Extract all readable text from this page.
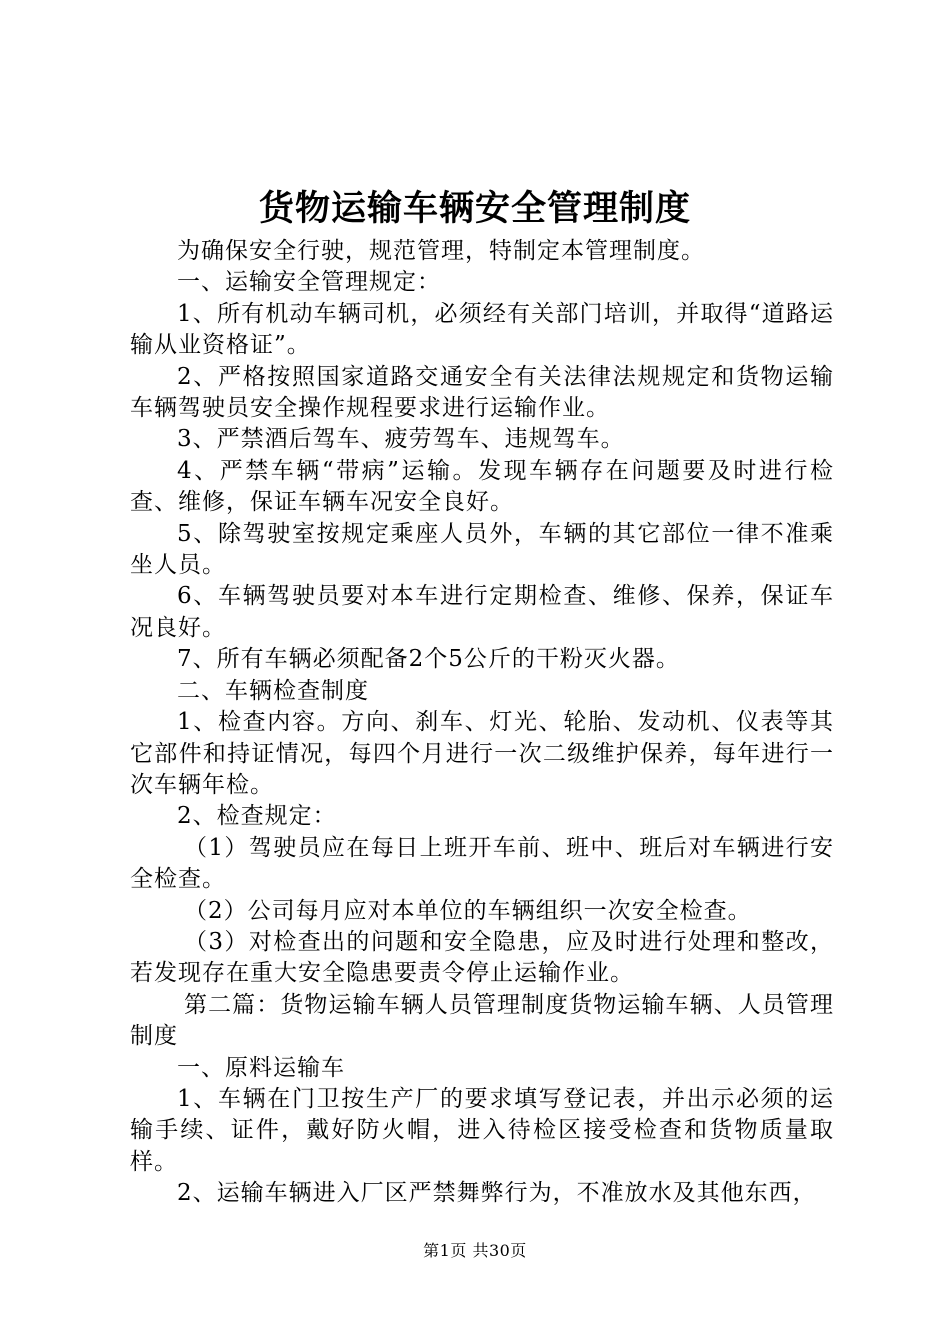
货物运输车辆安全管理制度

为确保安全行驶，规范管理，特制定本管理制度。

一、运输安全管理规定：

1、所有机动车辆司机，必须经有关部门培训，并取得“道路运输从业资格证”。

2、严格按照国家道路交通安全有关法律法规规定和货物运输车辆驾驶员安全操作规程要求进行运输作业。

3、严禁酒后驾车、疲劳驾车、违规驾车。

4、严禁车辆“带病”运输。发现车辆存在问题要及时进行检查、维修，保证车辆车况安全良好。

5、除驾驶室按规定乘座人员外，车辆的其它部位一律不准乘坐人员。

6、车辆驾驶员要对本车进行定期检查、维修、保养，保证车况良好。

7、所有车辆必须配备2个5公斤的干粉灭火器。

二、车辆检查制度

1、检查内容。方向、刹车、灯光、轮胎、发动机、仪表等其它部件和持证情况，每四个月进行一次二级维护保养，每年进行一次车辆年检。

2、检查规定：

（1）驾驶员应在每日上班开车前、班中、班后对车辆进行安全检查。

（2）公司每月应对本单位的车辆组织一次安全检查。

（3）对检查出的问题和安全隐患，应及时进行处理和整改，若发现存在重大安全隐患要责令停止运输作业。

第二篇：货物运输车辆人员管理制度货物运输车辆、人员管理制度

一、原料运输车

1、车辆在门卫按生产厂的要求填写登记表，并出示必须的运输手续、证件，戴好防火帽，进入待检区接受检查和货物质量取样。

2、运输车辆进入厂区严禁舞弊行为，不准放水及其他东西，

第1页 共30页
